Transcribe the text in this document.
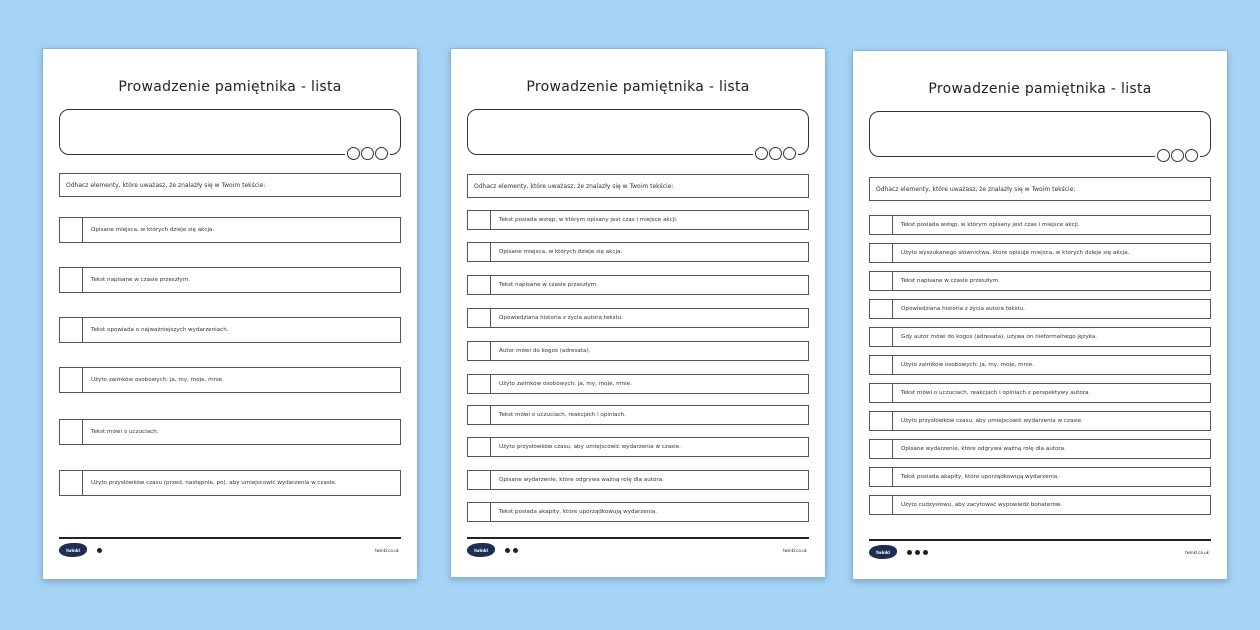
Prowadzenie pamiętnika - lista
Odhacz elementy, które uważasz, że znalazły się w Twoim tekście:
Opisane miejsca, w których dzieje się akcja.
Tekst napisane w czasie przeszłym.
Tekst opowiada o najważniejszych wydarzeniach.
Użyto zaimków osobowych: ja, my, moje, mnie.
Tekst mówi o uczuciach.
Użyto przysłówków czasu (przed, następnie, po), aby umiejscowić wydarzenia w czasie.
twinkl	twinkl.co.uk
Prowadzenie pamiętnika - lista
Odhacz elementy, które uważasz, że znalazły się w Twoim tekście:
Tekst posiada wstęp, w którym opisany jest czas i miejsce akcji.
Opisane miejsca, w których dzieje się akcja.
Tekst napisane w czasie przeszłym.
Opowiedziana historia z życia autora tekstu.
Autor mówi do kogoś (adresata).
Użyto zaimków osobowych: ja, my, moje, mnie.
Tekst mówi o uczuciach, reakcjach i opiniach.
Użyto przysłówków czasu, aby umiejscowić wydarzenia w czasie.
Opisane wydarzenie, które odgrywa ważną rolę dla autora.
Tekst posiada akapity, które uporządkowują wydarzenia.
twinkl	twinkl.co.uk
Prowadzenie pamiętnika - lista
Odhacz elementy, które uważasz, że znalazły się w Twoim tekście:
Tekst posiada wstęp, w którym opisany jest czas i miejsce akcji.
Użyto wyszukanego słownictwa, które opisuje miejsca, w których dzieje się akcja.
Tekst napisane w czasie przeszłym.
Opowiedziana historia z życia autora tekstu.
Gdy autor mówi do kogoś (adresata), używa on nieformalnego języka.
Użyto zaimków osobowych: ja, my, moje, mnie.
Tekst mówi o uczuciach, reakcjach i opiniach z perspektywy autora.
Użyto przysłówków czasu, aby umiejscowić wydarzenia w czasie.
Opisane wydarzenie, które odgrywa ważną rolę dla autora.
Tekst posiada akapity, które uporządkowują wydarzenia.
Użyto cudzysłowu, aby zacytować wypowiedź bohaterów.
twinkl	twinkl.co.uk
